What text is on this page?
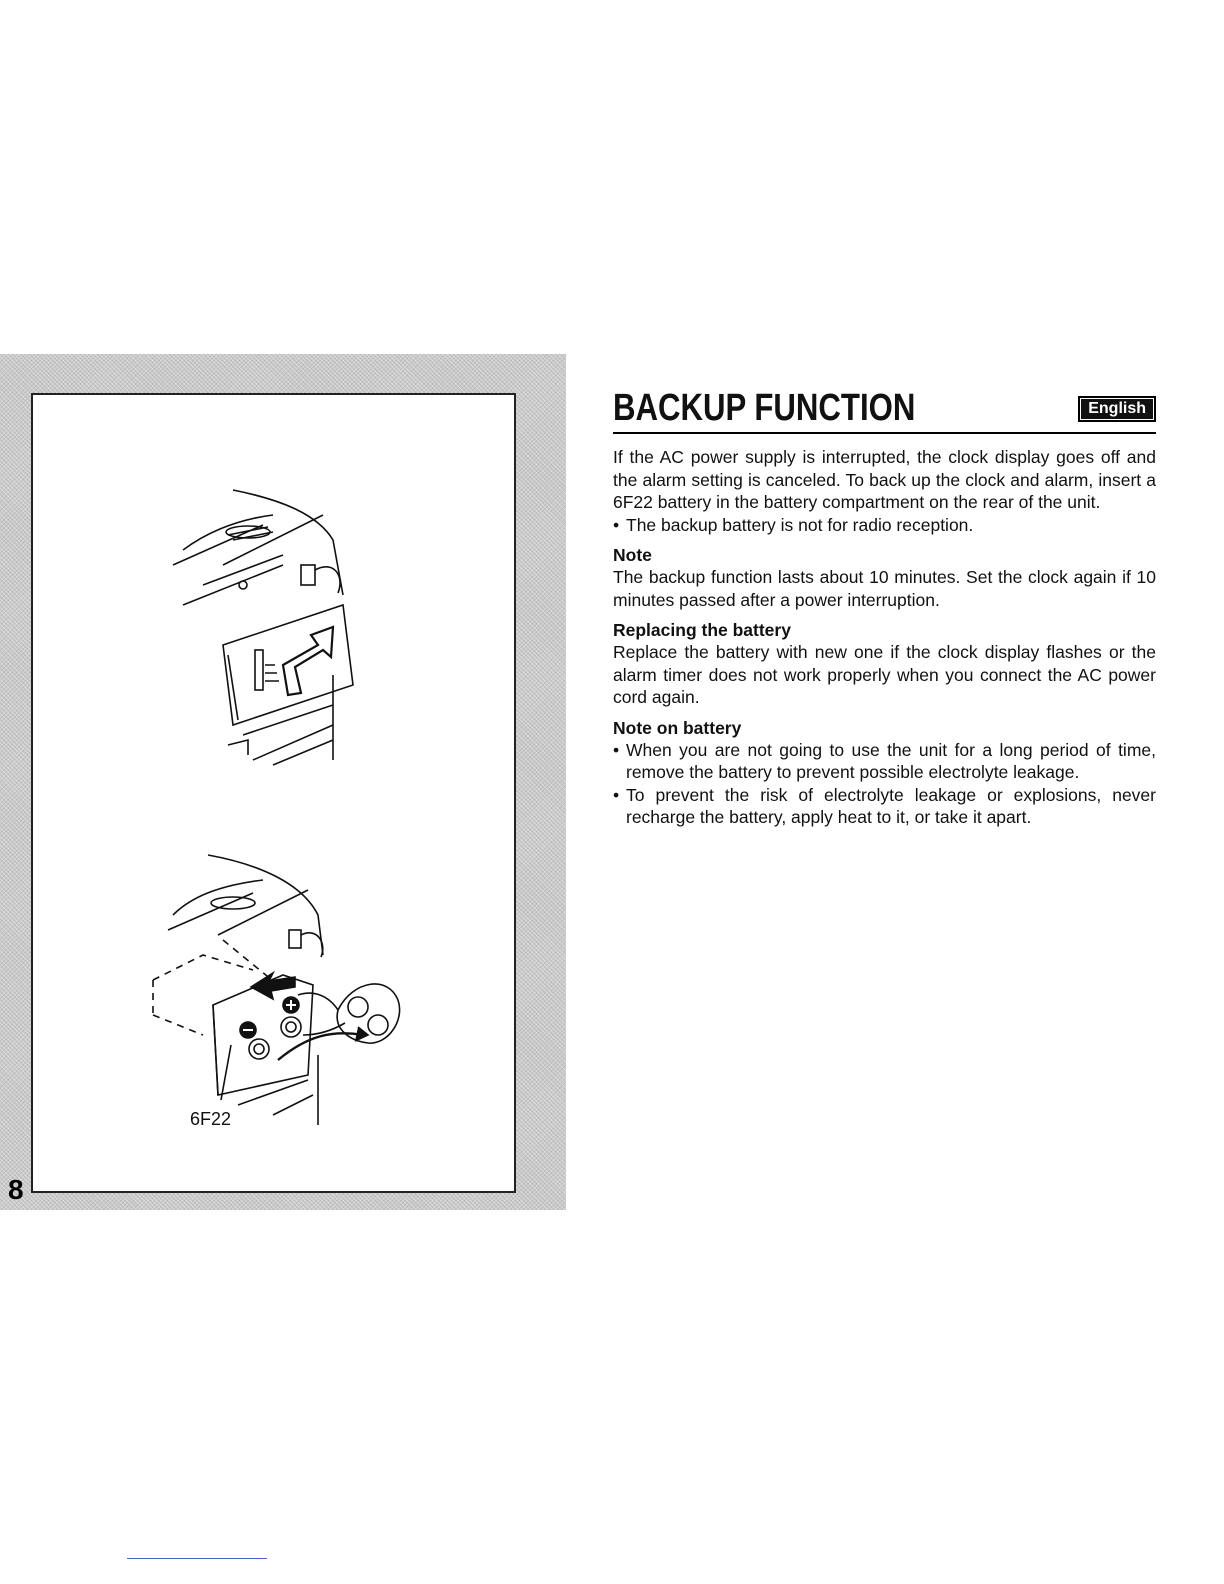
6F22
8
BACKUP FUNCTION	English

If the AC power supply is interrupted, the clock display goes off and the alarm setting is canceled. To back up the clock and alarm, insert a 6F22 battery in the battery compartment on the rear of the unit.

• The backup battery is not for radio reception.
Note

The backup function lasts about 10 minutes. Set the clock again if 10 minutes passed after a power interruption.

Replacing the battery

Replace the battery with new one if the clock display flashes or the alarm timer does not work properly when you connect the AC power cord again.

Note on battery
• When you are not going to use the unit for a long period of time, remove the battery to prevent possible electrolyte leakage.
• To prevent the risk of electrolyte leakage or explosions, never recharge the battery, apply heat to it, or take it apart.
